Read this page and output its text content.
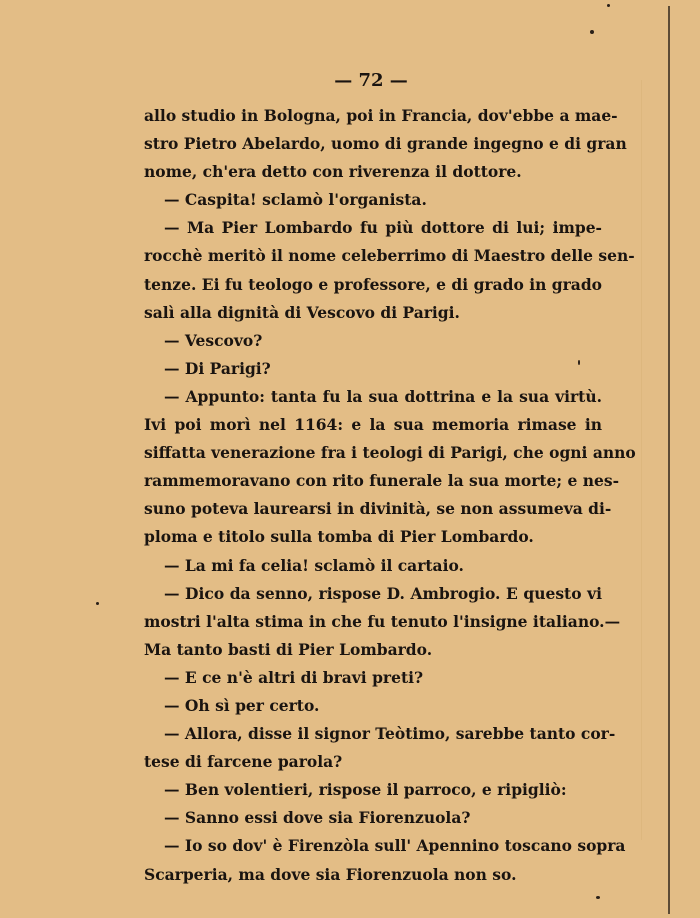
— 72 —
allo studio in Bologna, poi in Francia, dov'ebbe a mae-
stro Pietro Abelardo, uomo di grande ingegno e di gran
nome, ch'era detto con riverenza il dottore.
— Caspita! sclamò l'organista.
— Ma Pier Lombardo fu più dottore di lui; impe-
rocchè meritò il nome celeberrimo di Maestro delle sen-
tenze. Ei fu teologo e professore, e di grado in grado
salì alla dignità di Vescovo di Parigi.
— Vescovo?
— Di Parigi?
— Appunto: tanta fu la sua dottrina e la sua virtù.
Ivi poi morì nel 1164: e la sua memoria rimase in
siffatta venerazione fra i teologi di Parigi, che ogni anno
rammemoravano con rito funerale la sua morte; e nes-
suno poteva laurearsi in divinità, se non assumeva di-
ploma e titolo sulla tomba di Pier Lombardo.
— La mi fa celia! sclamò il cartaio.
— Dico da senno, rispose D. Ambrogio. E questo vi
mostri l'alta stima in che fu tenuto l'insigne italiano.—
Ma tanto basti di Pier Lombardo.
— E ce n'è altri di bravi preti?
— Oh sì per certo.
— Allora, disse il signor Teòtimo, sarebbe tanto cor-
tese di farcene parola?
— Ben volentieri, rispose il parroco, e ripigliò:
— Sanno essi dove sia Fiorenzuola?
— Io so dov' è Firenzòla sull' Apennino toscano sopra
Scarperia, ma dove sia Fiorenzuola non so.
